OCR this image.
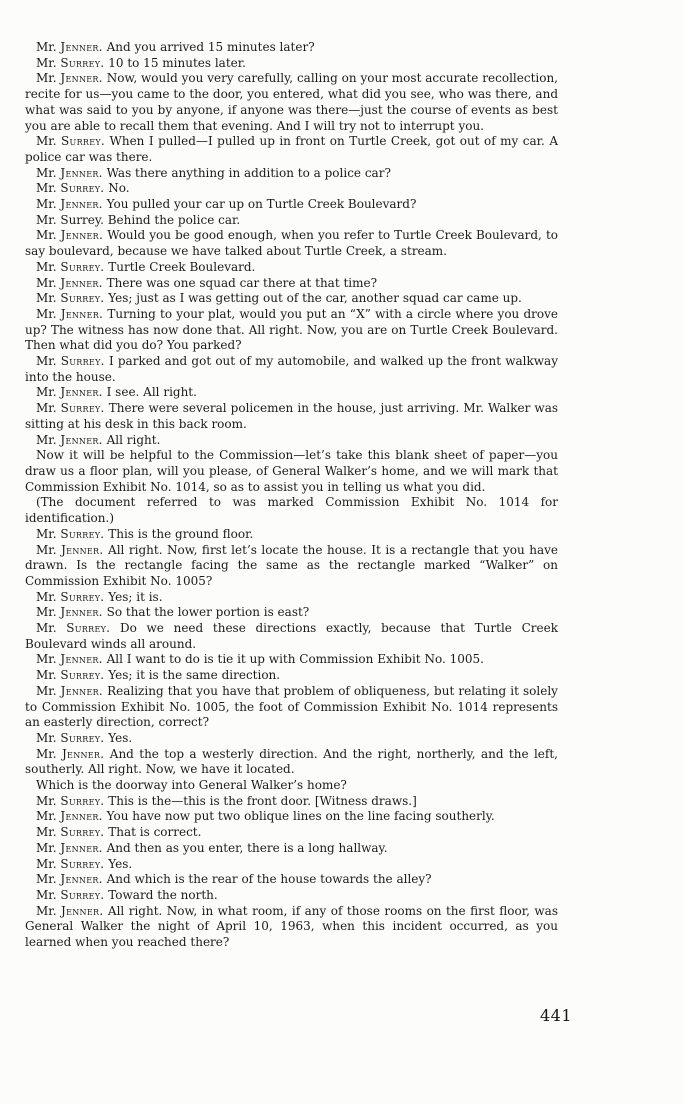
Mr. Jenner. And you arrived 15 minutes later?

Mr. Surrey. 10 to 15 minutes later.

Mr. Jenner. Now, would you very carefully, calling on your most accurate recollection, recite for us—you came to the door, you entered, what did you see, who was there, and what was said to you by anyone, if anyone was there—just the course of events as best you are able to recall them that evening. And I will try not to interrupt you.

Mr. Surrey. When I pulled—I pulled up in front on Turtle Creek, got out of my car. A police car was there.

Mr. Jenner. Was there anything in addition to a police car?

Mr. Surrey. No.

Mr. Jenner. You pulled your car up on Turtle Creek Boulevard?

Mr. Surrey. Behind the police car.

Mr. Jenner. Would you be good enough, when you refer to Turtle Creek Boulevard, to say boulevard, because we have talked about Turtle Creek, a stream.

Mr. Surrey. Turtle Creek Boulevard.

Mr. Jenner. There was one squad car there at that time?

Mr. Surrey. Yes; just as I was getting out of the car, another squad car came up.

Mr. Jenner. Turning to your plat, would you put an “X” with a circle where you drove up? The witness has now done that. All right. Now, you are on Turtle Creek Boulevard. Then what did you do? You parked?

Mr. Surrey. I parked and got out of my automobile, and walked up the front walkway into the house.

Mr. Jenner. I see. All right.

Mr. Surrey. There were several policemen in the house, just arriving. Mr. Walker was sitting at his desk in this back room.

Mr. Jenner. All right.

Now it will be helpful to the Commission—let’s take this blank sheet of paper—you draw us a floor plan, will you please, of General Walker’s home, and we will mark that Commission Exhibit No. 1014, so as to assist you in telling us what you did.

(The document referred to was marked Commission Exhibit No. 1014 for identification.)

Mr. Surrey. This is the ground floor.

Mr. Jenner. All right. Now, first let’s locate the house. It is a rectangle that you have drawn. Is the rectangle facing the same as the rectangle marked “Walker” on Commission Exhibit No. 1005?

Mr. Surrey. Yes; it is.

Mr. Jenner. So that the lower portion is east?

Mr. Surrey. Do we need these directions exactly, because that Turtle Creek Boulevard winds all around.

Mr. Jenner. All I want to do is tie it up with Commission Exhibit No. 1005.

Mr. Surrey. Yes; it is the same direction.

Mr. Jenner. Realizing that you have that problem of obliqueness, but relating it solely to Commission Exhibit No. 1005, the foot of Commission Exhibit No. 1014 represents an easterly direction, correct?

Mr. Surrey. Yes.

Mr. Jenner. And the top a westerly direction. And the right, northerly, and the left, southerly. All right. Now, we have it located.

Which is the doorway into General Walker’s home?

Mr. Surrey. This is the—this is the front door. [Witness draws.]

Mr. Jenner. You have now put two oblique lines on the line facing southerly.

Mr. Surrey. That is correct.

Mr. Jenner. And then as you enter, there is a long hallway.

Mr. Surrey. Yes.

Mr. Jenner. And which is the rear of the house towards the alley?

Mr. Surrey. Toward the north.

Mr. Jenner. All right. Now, in what room, if any of those rooms on the first floor, was General Walker the night of April 10, 1963, when this incident occurred, as you learned when you reached there?

441
